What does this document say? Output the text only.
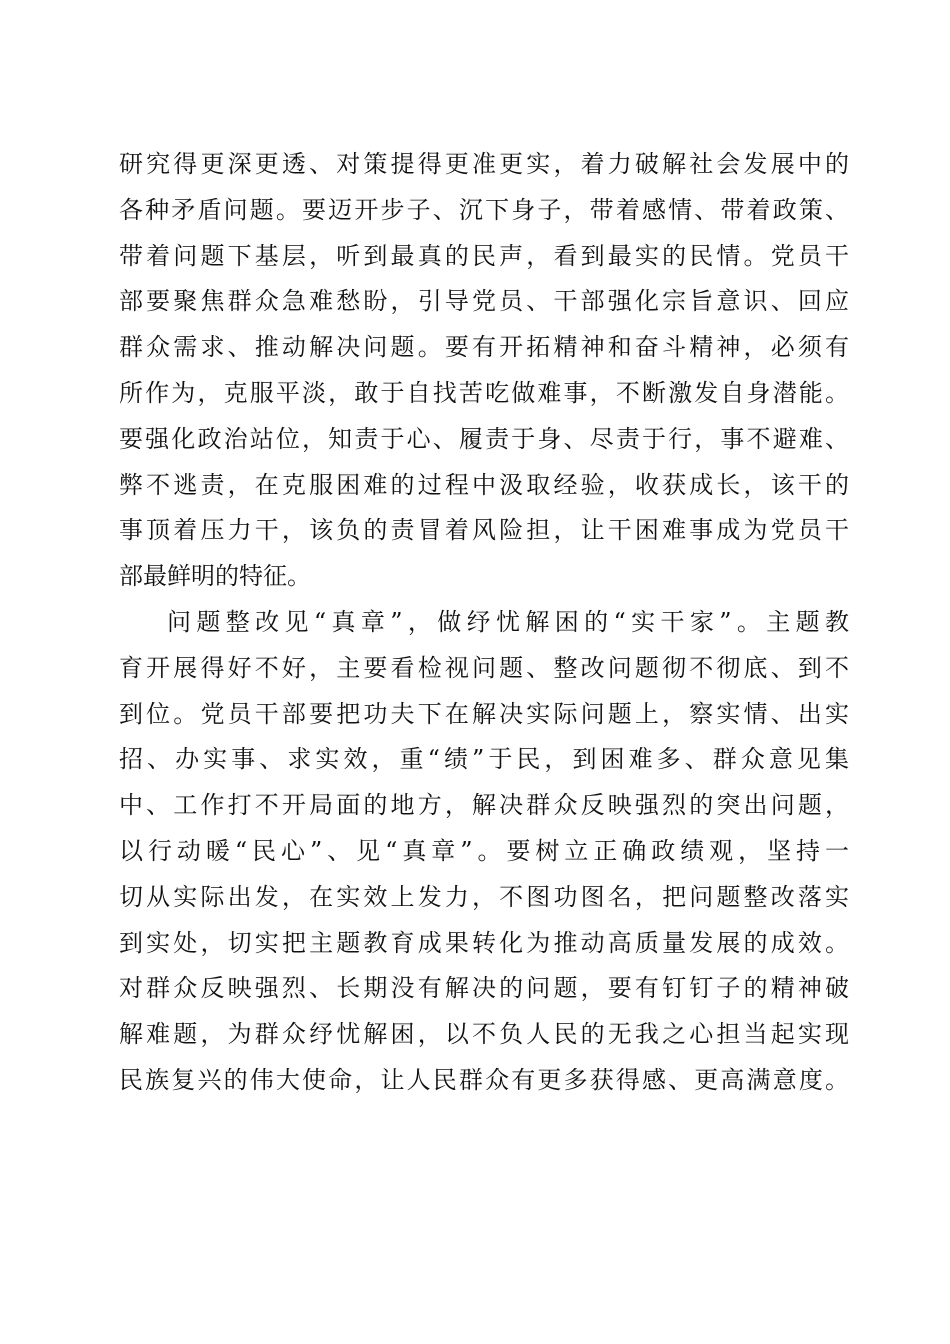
研究得更深更透、对策提得更准更实，着力破解社会发展中的
各种矛盾问题。要迈开步子、沉下身子，带着感情、带着政策、
带着问题下基层，听到最真的民声，看到最实的民情。党员干
部要聚焦群众急难愁盼，引导党员、干部强化宗旨意识、回应
群众需求、推动解决问题。要有开拓精神和奋斗精神，必须有
所作为，克服平淡，敢于自找苦吃做难事，不断激发自身潜能。
要强化政治站位，知责于心、履责于身、尽责于行，事不避难、
弊不逃责，在克服困难的过程中汲取经验，收获成长，该干的
事顶着压力干，该负的责冒着风险担，让干困难事成为党员干
部最鲜明的特征。
问题整改见“真章”，做纾忧解困的“实干家”。主题教
育开展得好不好，主要看检视问题、整改问题彻不彻底、到不
到位。党员干部要把功夫下在解决实际问题上，察实情、出实
招、办实事、求实效，重“绩”于民，到困难多、群众意见集
中、工作打不开局面的地方，解决群众反映强烈的突出问题，
以行动暖“民心”、见“真章”。要树立正确政绩观，坚持一
切从实际出发，在实效上发力，不图功图名，把问题整改落实
到实处，切实把主题教育成果转化为推动高质量发展的成效。
对群众反映强烈、长期没有解决的问题，要有钉钉子的精神破
解难题，为群众纾忧解困，以不负人民的无我之心担当起实现
民族复兴的伟大使命，让人民群众有更多获得感、更高满意度。
